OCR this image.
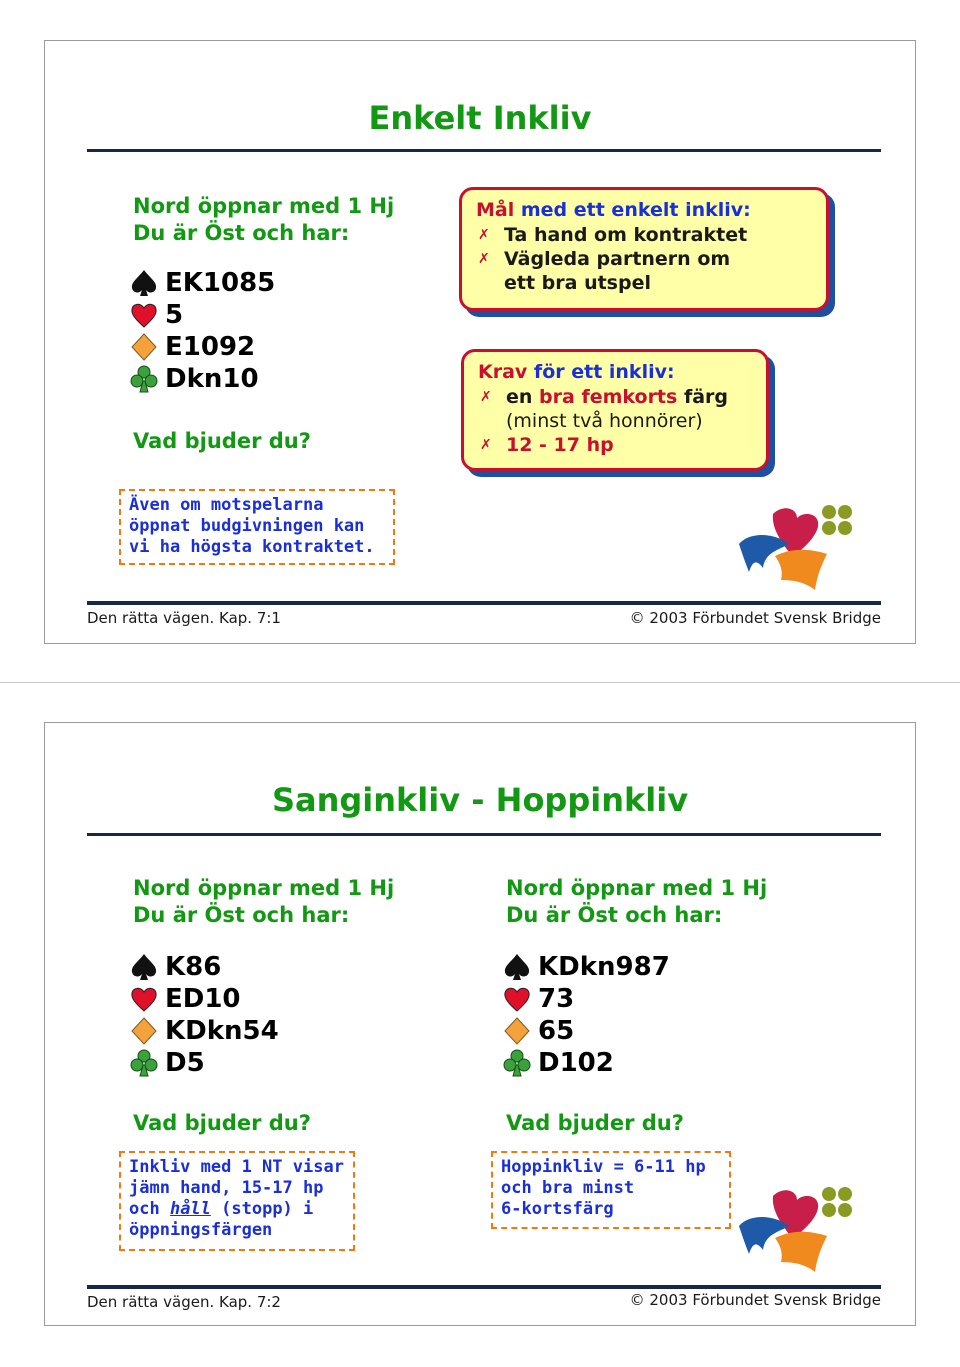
Enkelt Inkliv
Nord öppnar med 1 Hj
Du är Öst och har:
EK1085
5
E1092
Dkn10
Vad bjuder du?
Mål med ett enkelt inkliv:
✗ Ta hand om kontraktet
✗ Vägleda partnern om
ett bra utspel
Krav för ett inkliv:
✗ en bra femkorts färg
(minst två honnörer)
✗ 12 - 17 hp
Även om motspelarna
öppnat budgivningen kan
vi ha högsta kontraktet.
Den rätta vägen. Kap. 7:1	© 2003 Förbundet Svensk Bridge
Sanginkliv - Hoppinkliv
Nord öppnar med 1 Hj
Du är Öst och har:
K86
ED10
KDkn54
D5
Vad bjuder du?
Inkliv med 1 NT visar
jämn hand, 15-17 hp
och håll (stopp) i
öppningsfärgen
Nord öppnar med 1 Hj
Du är Öst och har:
KDkn987
73
65
D102
Vad bjuder du?
Hoppinkliv = 6-11 hp
och bra minst
6-kortsfärg
Den rätta vägen. Kap. 7:2	© 2003 Förbundet Svensk Bridge
